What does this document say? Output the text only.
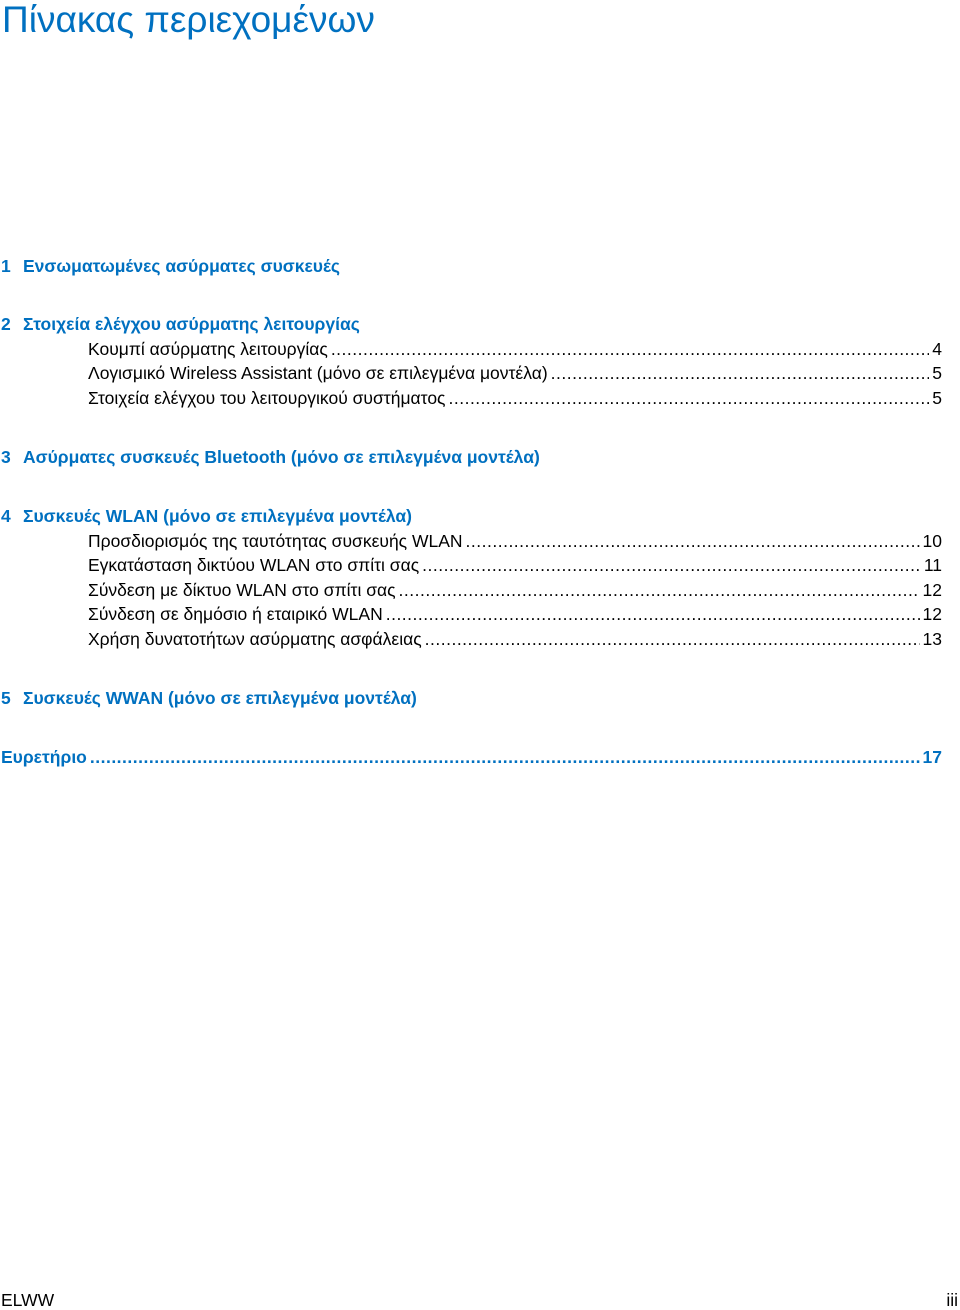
Πίνακας περιεχομένων
1 Ενσωματωμένες ασύρματες συσκευές
2 Στοιχεία ελέγχου ασύρματης λειτουργίας
Κουμπί ασύρματης λειτουργίας .....	4
Λογισμικό Wireless Assistant (μόνο σε επιλεγμένα μοντέλα) .....	5
Στοιχεία ελέγχου του λειτουργικού συστήματος .....	5
3 Ασύρματες συσκευές Bluetooth (μόνο σε επιλεγμένα μοντέλα)
4 Συσκευές WLAN (μόνο σε επιλεγμένα μοντέλα)
Προσδιορισμός της ταυτότητας συσκευής WLAN .....	10
Εγκατάσταση δικτύου WLAN στο σπίτι σας .....	11
Σύνδεση με δίκτυο WLAN στο σπίτι σας .....	12
Σύνδεση σε δημόσιο ή εταιρικό WLAN .....	12
Χρήση δυνατοτήτων ασύρματης ασφάλειας .....	13
5 Συσκευές WWAN (μόνο σε επιλεγμένα μοντέλα)
Ευρετήριο .....	17
ELWW	iii
